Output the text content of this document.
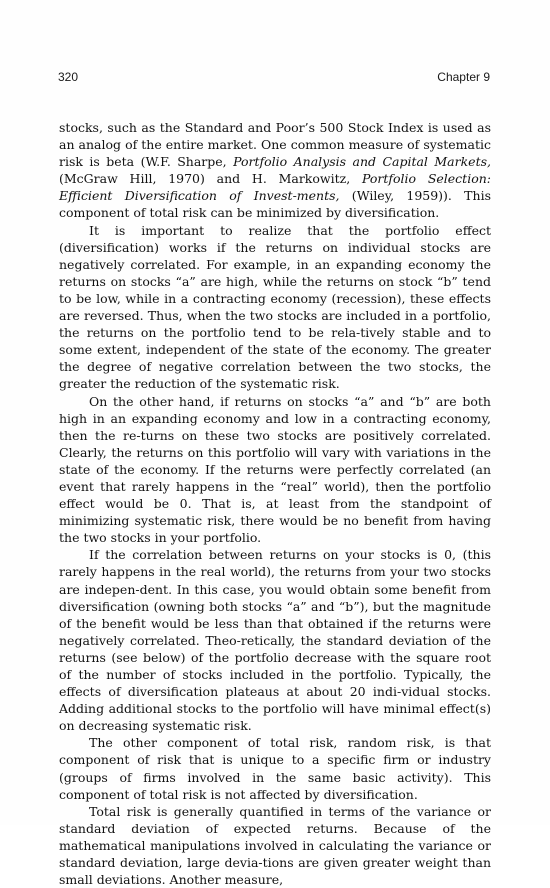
320	Chapter 9

stocks, such as the Standard and Poor’s 500 Stock Index is used as an analog of the entire market. One common measure of systematic risk is beta (W.F. Sharpe, Portfolio Analysis and Capital Markets, (McGraw Hill, 1970) and H. Markowitz, Portfolio Selection: Efficient Diversification of Invest-ments, (Wiley, 1959)). This component of total risk can be minimized by diversification.

It is important to realize that the portfolio effect (diversification) works if the returns on individual stocks are negatively correlated. For example, in an expanding economy the returns on stocks “a” are high, while the returns on stock “b” tend to be low, while in a contracting economy (recession), these effects are reversed. Thus, when the two stocks are included in a portfolio, the returns on the portfolio tend to be rela-tively stable and to some extent, independent of the state of the economy. The greater the degree of negative correlation between the two stocks, the greater the reduction of the systematic risk.

On the other hand, if returns on stocks “a” and “b” are both high in an expanding economy and low in a contracting economy, then the re-turns on these two stocks are positively correlated. Clearly, the returns on this portfolio will vary with variations in the state of the economy. If the returns were perfectly correlated (an event that rarely happens in the “real” world), then the portfolio effect would be 0. That is, at least from the standpoint of minimizing systematic risk, there would be no benefit from having the two stocks in your portfolio.

If the correlation between returns on your stocks is 0, (this rarely happens in the real world), the returns from your two stocks are indepen-dent. In this case, you would obtain some benefit from diversification (owning both stocks “a” and “b”), but the magnitude of the benefit would be less than that obtained if the returns were negatively correlated. Theo-retically, the standard deviation of the returns (see below) of the portfolio decrease with the square root of the number of stocks included in the portfolio. Typically, the effects of diversification plateaus at about 20 indi-vidual stocks. Adding additional stocks to the portfolio will have minimal effect(s) on decreasing systematic risk.

The other component of total risk, random risk, is that component of risk that is unique to a specific firm or industry (groups of firms involved in the same basic activity). This component of total risk is not affected by diversification.

Total risk is generally quantified in terms of the variance or standard deviation of expected returns. Because of the mathematical manipulations involved in calculating the variance or standard deviation, large devia-tions are given greater weight than small deviations. Another measure,
